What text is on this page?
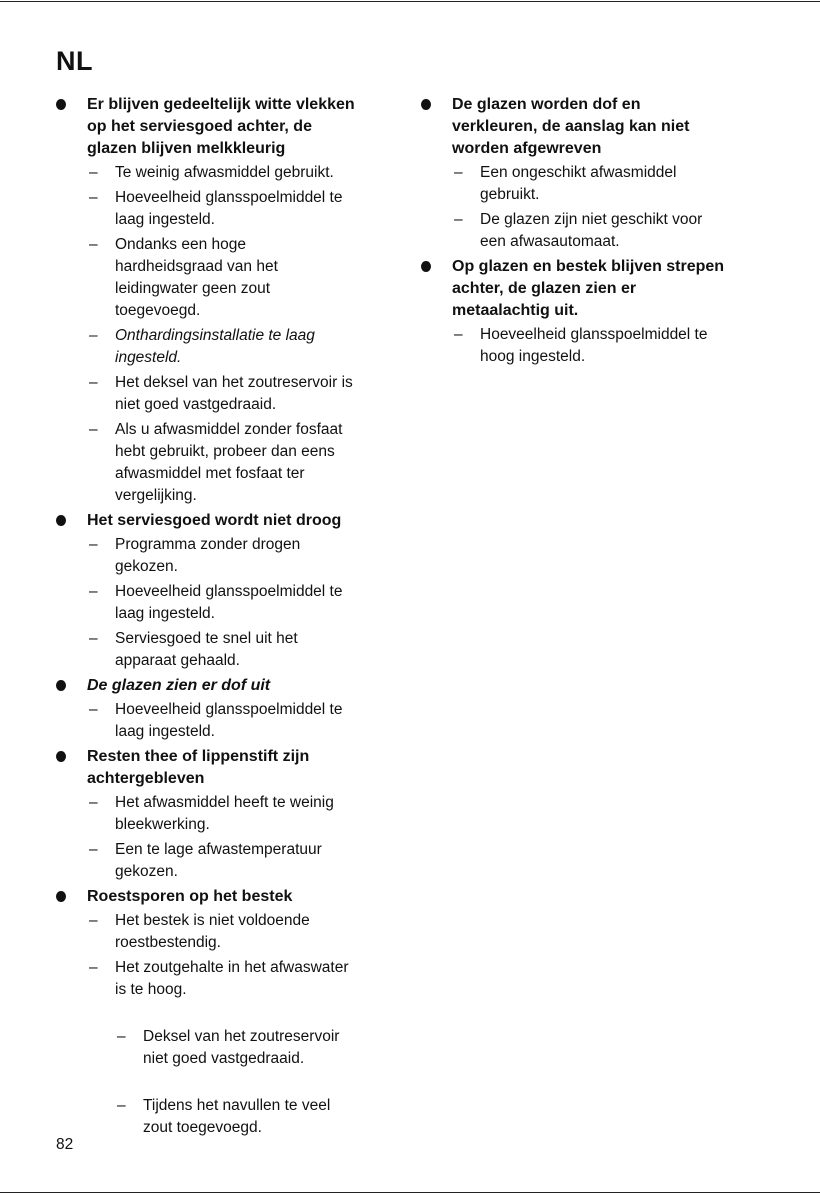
NL
Er blijven gedeeltelijk witte vlekken
op het serviesgoed achter, de
glazen blijven melkkleurig
– Te weinig afwasmiddel gebruikt.
– Hoeveelheid glansspoelmiddel te
laag ingesteld.
– Ondanks een hoge
hardheidsgraad van het
leidingwater geen zout
toegevoegd.
– Onthardingsinstallatie te laag
ingesteld.
– Het deksel van het zoutreservoir is
niet goed vastgedraaid.
– Als u afwasmiddel zonder fosfaat
hebt gebruikt, probeer dan eens
afwasmiddel met fosfaat ter
vergelijking.
Het serviesgoed wordt niet droog
– Programma zonder drogen
gekozen.
– Hoeveelheid glansspoelmiddel te
laag ingesteld.
– Serviesgoed te snel uit het
apparaat gehaald.
De glazen zien er dof uit
– Hoeveelheid glansspoelmiddel te
laag ingesteld.
Resten thee of lippenstift zijn
achtergebleven
– Het afwasmiddel heeft te weinig
bleekwerking.
– Een te lage afwastemperatuur
gekozen.
Roestsporen op het bestek
– Het bestek is niet voldoende
roestbestendig.
– Het zoutgehalte in het afwaswater
is te hoog.

– Deksel van het zoutreservoir
niet goed vastgedraaid.

– Tijdens het navullen te veel
zout toegevoegd.

De glazen worden dof en
verkleuren, de aanslag kan niet
worden afgewreven
– Een ongeschikt afwasmiddel
gebruikt.
– De glazen zijn niet geschikt voor
een afwasautomaat.
Op glazen en bestek blijven strepen
achter, de glazen zien er
metaalachtig uit.
– Hoeveelheid glansspoelmiddel te
hoog ingesteld.
82
